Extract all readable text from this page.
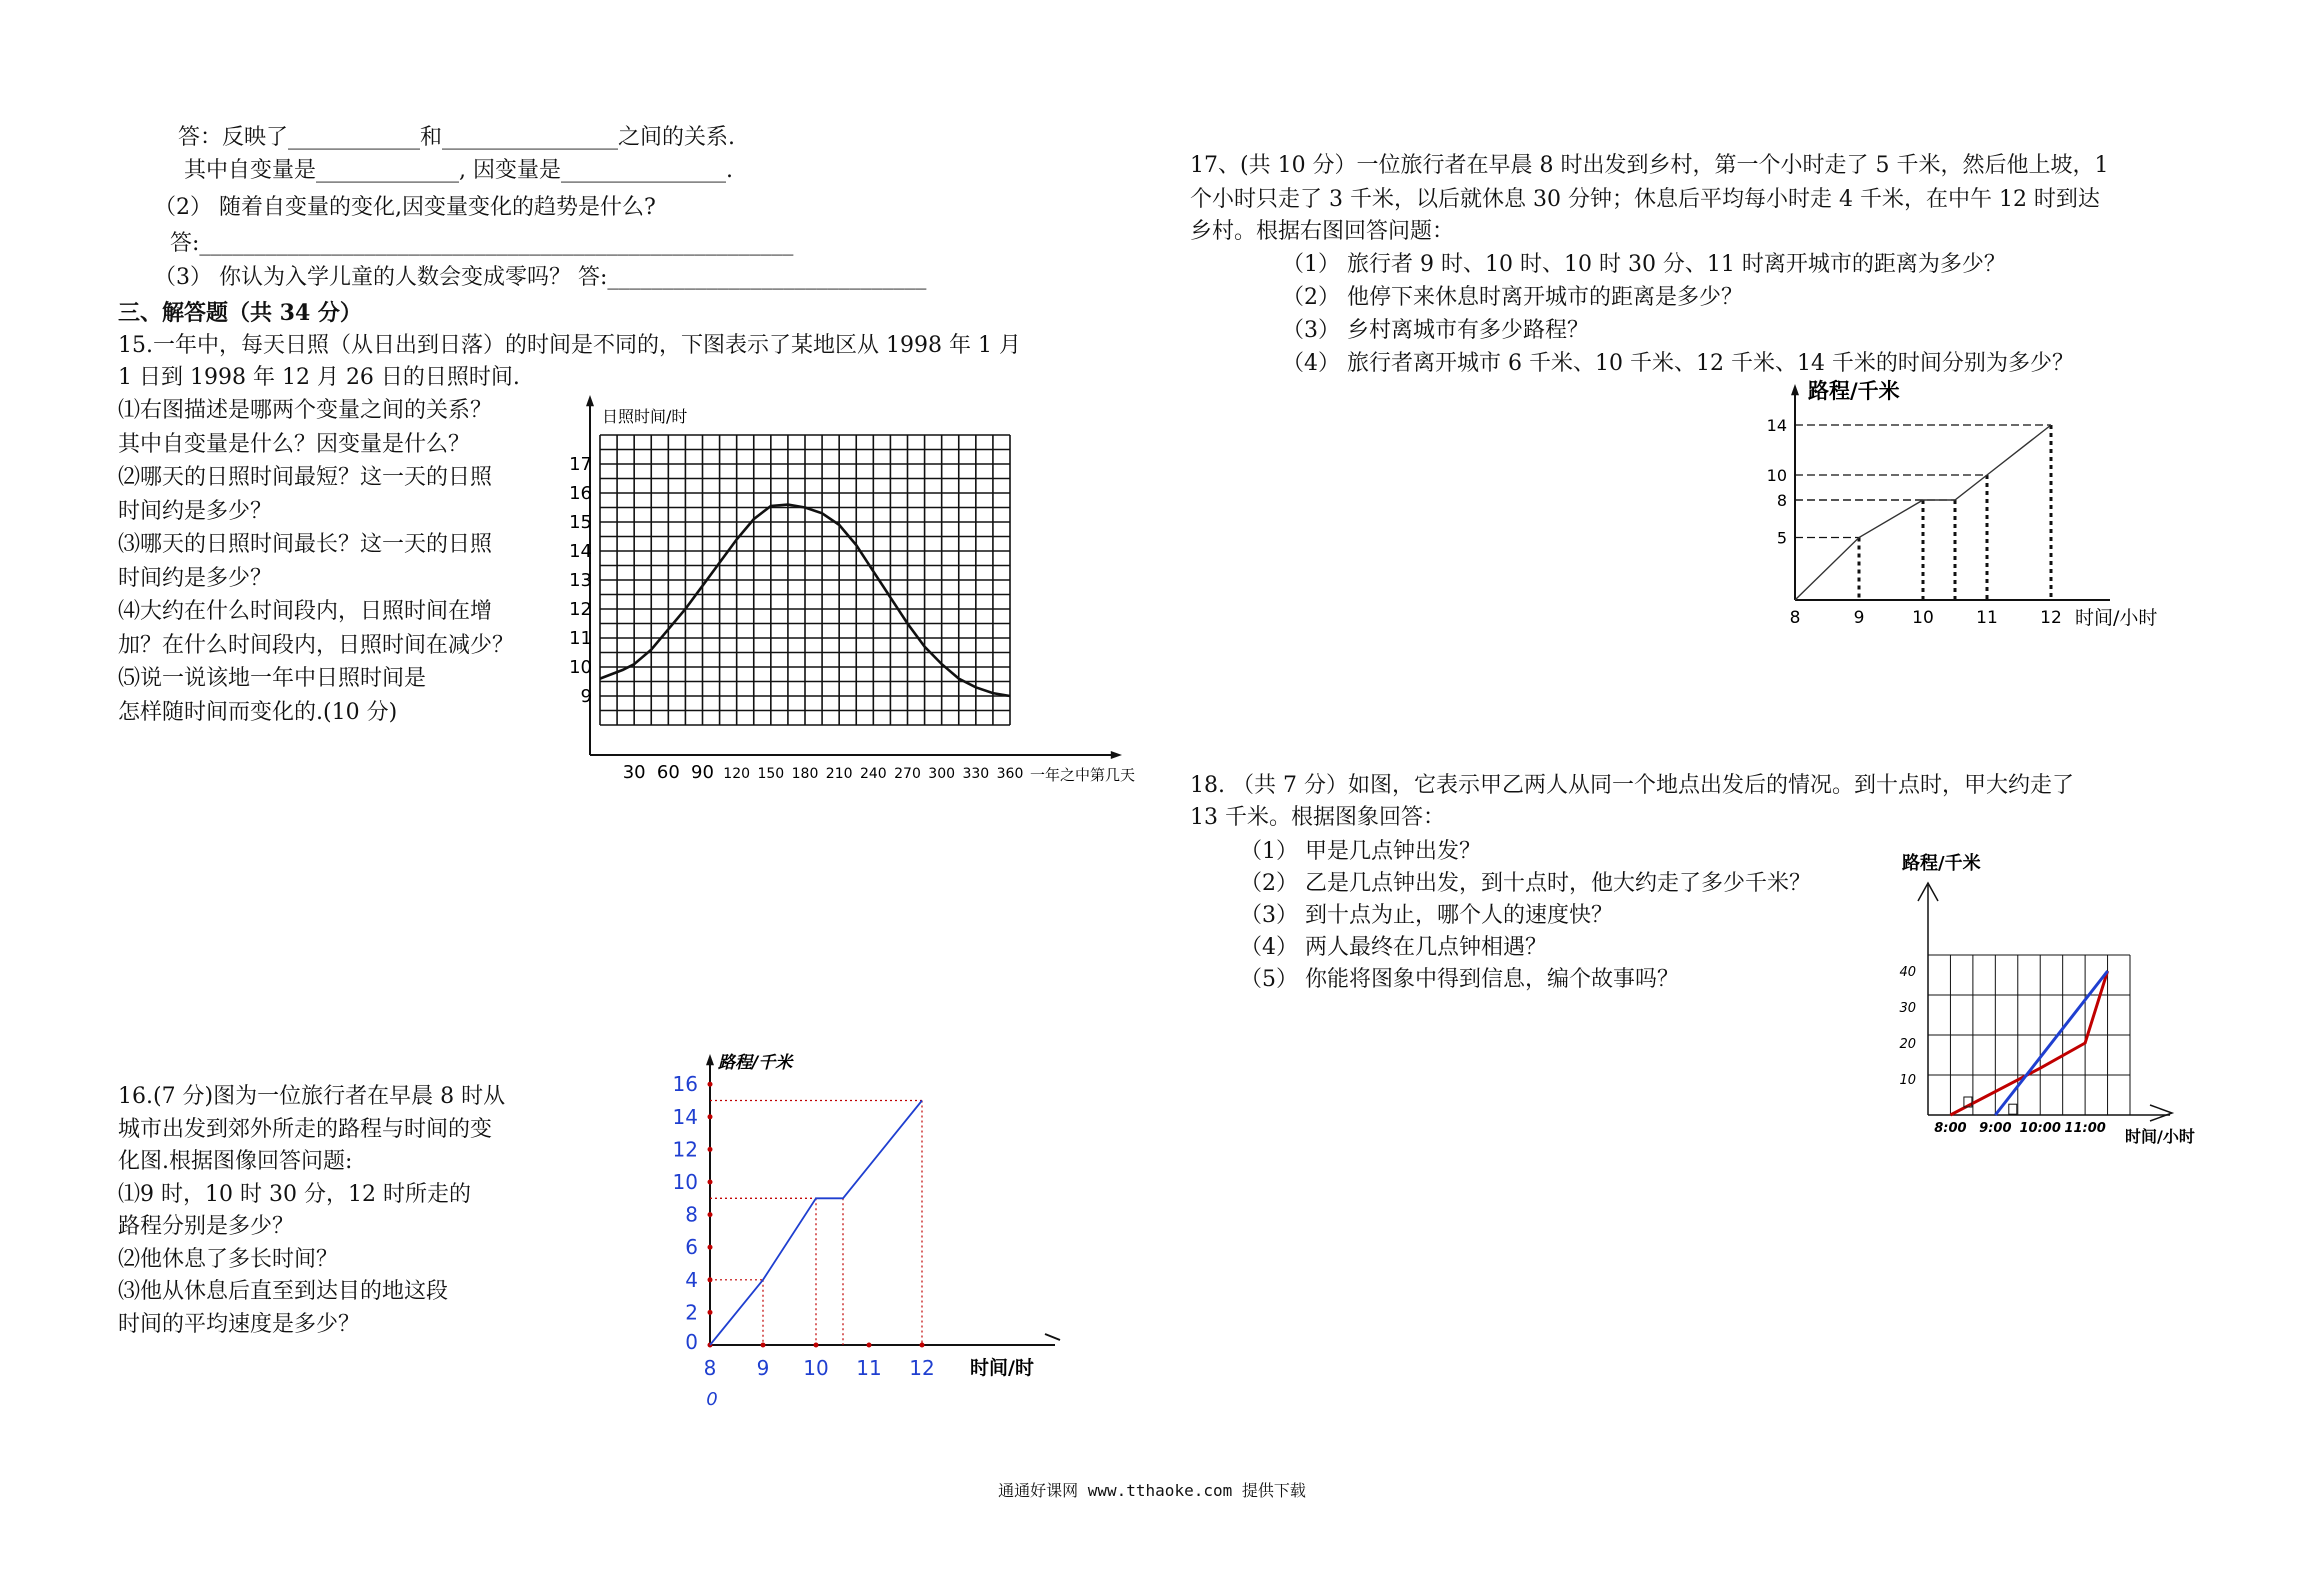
答：反映了____________和________________之间的关系.
其中自变量是_____________, 因变量是_______________.
（2） 随着自变量的变化,因变量变化的趋势是什么?
答:______________________________________________________
（3） 你认为入学儿童的人数会变成零吗？ 答:_____________________________
三、解答题（共 34 分）
15.一年中，每天日照（从日出到日落）的时间是不同的，下图表示了某地区从 1998 年 1 月
1 日到 1998 年 12 月 26 日的日照时间.
⑴右图描述是哪两个变量之间的关系？
其中自变量是什么？因变量是什么？
⑵哪天的日照时间最短？这一天的日照
时间约是多少？
⑶哪天的日照时间最长？这一天的日照
时间约是多少？
⑷大约在什么时间段内，日照时间在增
加？在什么时间段内，日照时间在减少？
⑸说一说该地一年中日照时间是
怎样随时间而变化的.(10 分)
16.(7 分)图为一位旅行者在早晨 8 时从
城市出发到郊外所走的路程与时间的变
化图.根据图像回答问题:
⑴9 时，10 时 30 分，12 时所走的
路程分别是多少？
⑵他休息了多长时间？
⑶他从休息后直至到达目的地这段
时间的平均速度是多少？
17、(共 10 分）一位旅行者在早晨 8 时出发到乡村，第一个小时走了 5 千米，然后他上坡，1
个小时只走了 3 千米，以后就休息 30 分钟；休息后平均每小时走 4 千米，在中午 12 时到达
乡村。根据右图回答问题：
（1） 旅行者 9 时、10 时、10 时 30 分、11 时离开城市的距离为多少？
（2） 他停下来休息时离开城市的距离是多少？
（3） 乡村离城市有多少路程？
（4） 旅行者离开城市 6 千米、10 千米、12 千米、14 千米的时间分别为多少？
18. （共 7 分）如图，它表示甲乙两人从同一个地点出发后的情况。到十点时，甲大约走了
13 千米。根据图象回答：
（1） 甲是几点钟出发？
（2） 乙是几点钟出发，到十点时，他大约走了多少千米？
（3） 到十点为止，哪个人的速度快？
（4） 两人最终在几点钟相遇？
（5） 你能将图象中得到信息，编个故事吗？
日照时间/时
一年之中第几天
9
10
11
12
13
14
15
16
17
30 60 90 120 150 180 210 240 270 300 330 360
路程/千米
时间/时
0
2
4
6
8
10
12
14
16
8 9 10 11 12
0
路程/千米
时间/小时
5
8
10
14
8	9	10 11 12
路程/千米
时间/小时
10
20
30
40
8:00 9:00 10:00 11:00
通通好课网 www.tthaoke.com 提供下载
